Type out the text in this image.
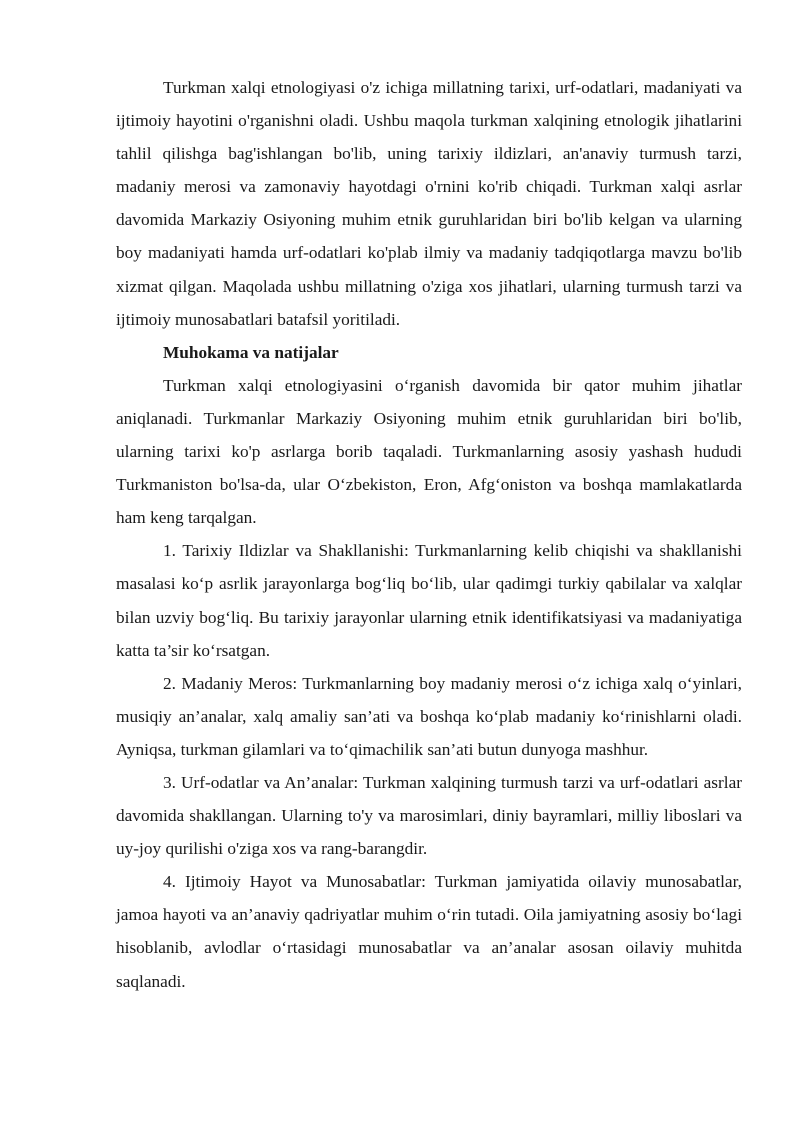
Turkman xalqi etnologiyasi o'z ichiga millatning tarixi, urf-odatlari, madaniyati va ijtimoiy hayotini o'rganishni oladi. Ushbu maqola turkman xalqining etnologik jihatlarini tahlil qilishga bag'ishlangan bo'lib, uning tarixiy ildizlari, an'anaviy turmush tarzi, madaniy merosi va zamonaviy hayotdagi o'rnini ko'rib chiqadi. Turkman xalqi asrlar davomida Markaziy Osiyoning muhim etnik guruhlaridan biri bo'lib kelgan va ularning boy madaniyati hamda urf-odatlari ko'plab ilmiy va madaniy tadqiqotlarga mavzu bo'lib xizmat qilgan. Maqolada ushbu millatning o'ziga xos jihatlari, ularning turmush tarzi va ijtimoiy munosabatlari batafsil yoritiladi.

Muhokama va natijalar

Turkman xalqi etnologiyasini o‘rganish davomida bir qator muhim jihatlar aniqlanadi. Turkmanlar Markaziy Osiyoning muhim etnik guruhlaridan biri bo'lib, ularning tarixi ko'p asrlarga borib taqaladi. Turkmanlarning asosiy yashash hududi Turkmaniston bo'lsa-da, ular O‘zbekiston, Eron, Afg‘oniston va boshqa mamlakatlarda ham keng tarqalgan.

1. Tarixiy Ildizlar va Shakllanishi: Turkmanlarning kelib chiqishi va shakllanishi masalasi ko‘p asrlik jarayonlarga bog‘liq bo‘lib, ular qadimgi turkiy qabilalar va xalqlar bilan uzviy bog‘liq. Bu tarixiy jarayonlar ularning etnik identifikatsiyasi va madaniyatiga katta ta’sir ko‘rsatgan.

2. Madaniy Meros: Turkmanlarning boy madaniy merosi o‘z ichiga xalq o‘yinlari, musiqiy an’analar, xalq amaliy san’ati va boshqa ko‘plab madaniy ko‘rinishlarni oladi. Ayniqsa, turkman gilamlari va to‘qimachilik san’ati butun dunyoga mashhur.

3. Urf-odatlar va An’analar: Turkman xalqining turmush tarzi va urf-odatlari asrlar davomida shakllangan. Ularning to'y va marosimlari, diniy bayramlari, milliy liboslari va uy-joy qurilishi o'ziga xos va rang-barangdir.

4. Ijtimoiy Hayot va Munosabatlar: Turkman jamiyatida oilaviy munosabatlar, jamoa hayoti va an’anaviy qadriyatlar muhim o‘rin tutadi. Oila jamiyatning asosiy bo‘lagi hisoblanib, avlodlar o‘rtasidagi munosabatlar va an’analar asosan oilaviy muhitda saqlanadi.
